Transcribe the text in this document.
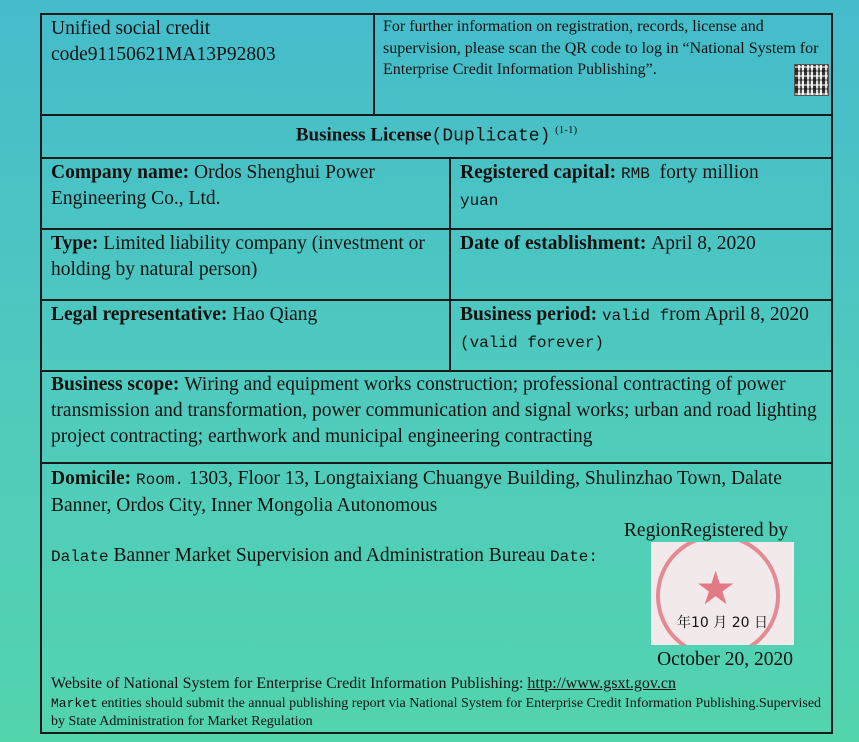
Unified social credit code91150621MA13P92803
For further information on registration, records, license and supervision, please scan the QR code to log in “National System for Enterprise Credit Information Publishing”.
Business License(Duplicate) $^{(1-1)}$
Company name: Ordos Shenghui Power Engineering Co., Ltd.
Registered capital: RMB forty million
yuan
Type: Limited liability company (investment or holding by natural person)
Date of establishment: April 8, 2020
Legal representative: Hao Qiang	Business period: valid from April 8, 2020 (valid forever)
Business scope: Wiring and equipment works construction; professional contracting of power transmission and transformation, power communication and signal works; urban and road lighting project contracting; earthwork and municipal engineering contracting
Domicile: Room. 1303, Floor 13, Longtaixiang Chuangye Building, Shulinzhao Town, Dalate Banner, Ordos City, Inner Mongolia Autonomous
RegionRegistered by
Dalate Banner Market Supervision and Administration Bureau Date:
★
年10 月 20 日
October 20, 2020
Website of National System for Enterprise Credit Information Publishing: http://www.gsxt.gov.cn
Market entities should submit the annual publishing report via National System for Enterprise Credit Information Publishing.Supervised by State Administration for Market Regulation
